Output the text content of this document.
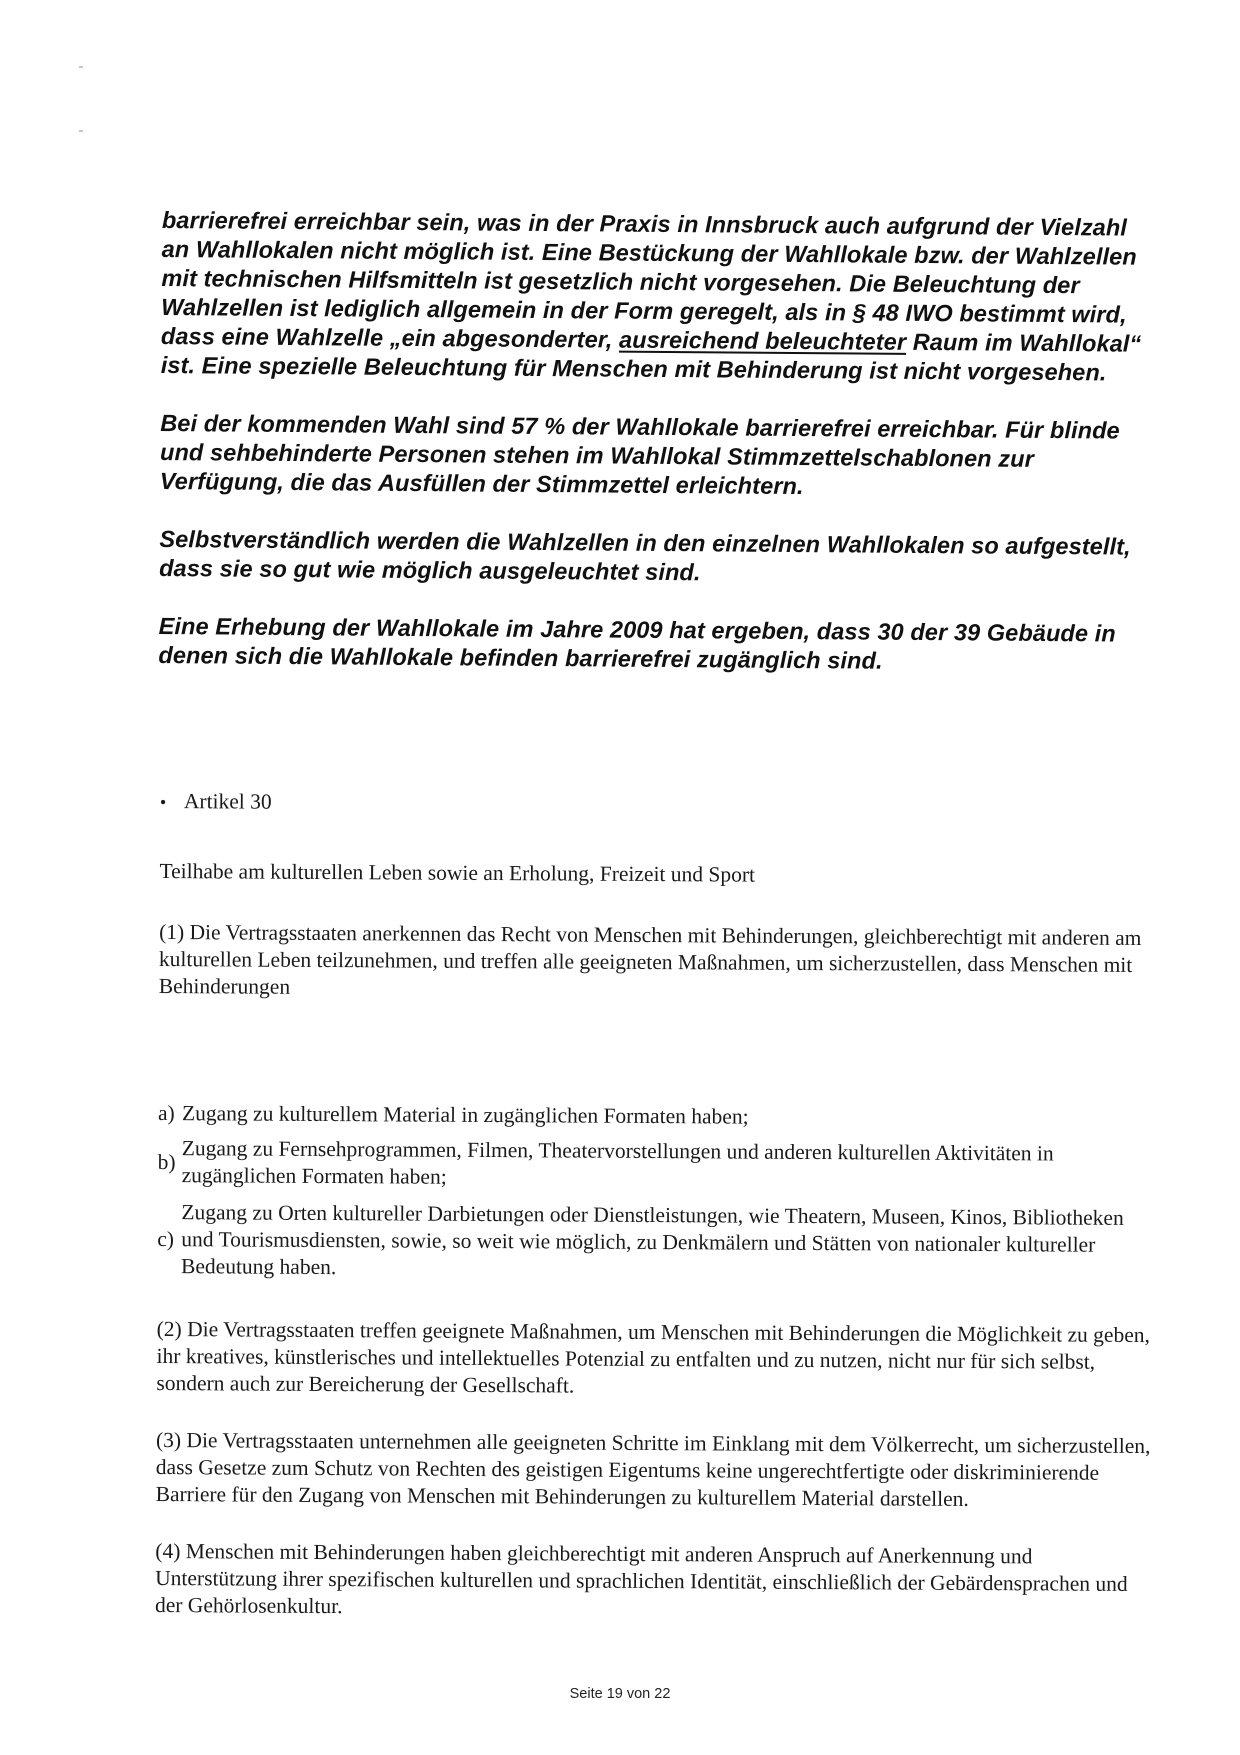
barrierefrei erreichbar sein, was in der Praxis in Innsbruck auch aufgrund der Vielzahl an Wahllokalen nicht möglich ist. Eine Bestückung der Wahllokale bzw. der Wahlzellen mit technischen Hilfsmitteln ist gesetzlich nicht vorgesehen. Die Beleuchtung der Wahlzellen ist lediglich allgemein in der Form geregelt, als in § 48 IWO bestimmt wird, dass eine Wahlzelle „ein abgesonderter, ausreichend beleuchteter Raum im Wahllokal“ ist. Eine spezielle Beleuchtung für Menschen mit Behinderung ist nicht vorgesehen.

Bei der kommenden Wahl sind 57 % der Wahllokale barrierefrei erreichbar. Für blinde und sehbehinderte Personen stehen im Wahllokal Stimmzettelschablonen zur Verfügung, die das Ausfüllen der Stimmzettel erleichtern.

Selbstverständlich werden die Wahlzellen in den einzelnen Wahllokalen so aufgestellt, dass sie so gut wie möglich ausgeleuchtet sind.

Eine Erhebung der Wahllokale im Jahre 2009 hat ergeben, dass 30 der 39 Gebäude in denen sich die Wahllokale befinden barrierefrei zugänglich sind.

• Artikel 30

Teilhabe am kulturellen Leben sowie an Erholung, Freizeit und Sport

(1) Die Vertragsstaaten anerkennen das Recht von Menschen mit Behinderungen, gleichberechtigt mit anderen am kulturellen Leben teilzunehmen, und treffen alle geeigneten Maßnahmen, um sicherzustellen, dass Menschen mit Behinderungen

a) Zugang zu kulturellem Material in zugänglichen Formaten haben;
b) Zugang zu Fernsehprogrammen, Filmen, Theatervorstellungen und anderen kulturellen Aktivitäten in zugänglichen Formaten haben;
c)
Zugang zu Orten kultureller Darbietungen oder Dienstleistungen, wie Theatern, Museen, Kinos, Bibliotheken und Tourismusdiensten, sowie, so weit wie möglich, zu Denkmälern und Stätten von nationaler kultureller Bedeutung haben.

(2) Die Vertragsstaaten treffen geeignete Maßnahmen, um Menschen mit Behinderungen die Möglichkeit zu geben, ihr kreatives, künstlerisches und intellektuelles Potenzial zu entfalten und zu nutzen, nicht nur für sich selbst, sondern auch zur Bereicherung der Gesellschaft.

(3) Die Vertragsstaaten unternehmen alle geeigneten Schritte im Einklang mit dem Völkerrecht, um sicherzustellen, dass Gesetze zum Schutz von Rechten des geistigen Eigentums keine ungerechtfertigte oder diskriminierende Barriere für den Zugang von Menschen mit Behinderungen zu kulturellem Material darstellen.

(4) Menschen mit Behinderungen haben gleichberechtigt mit anderen Anspruch auf Anerkennung und Unterstützung ihrer spezifischen kulturellen und sprachlichen Identität, einschließlich der Gebärdensprachen und der Gehörlosenkultur.

Seite 19 von 22
